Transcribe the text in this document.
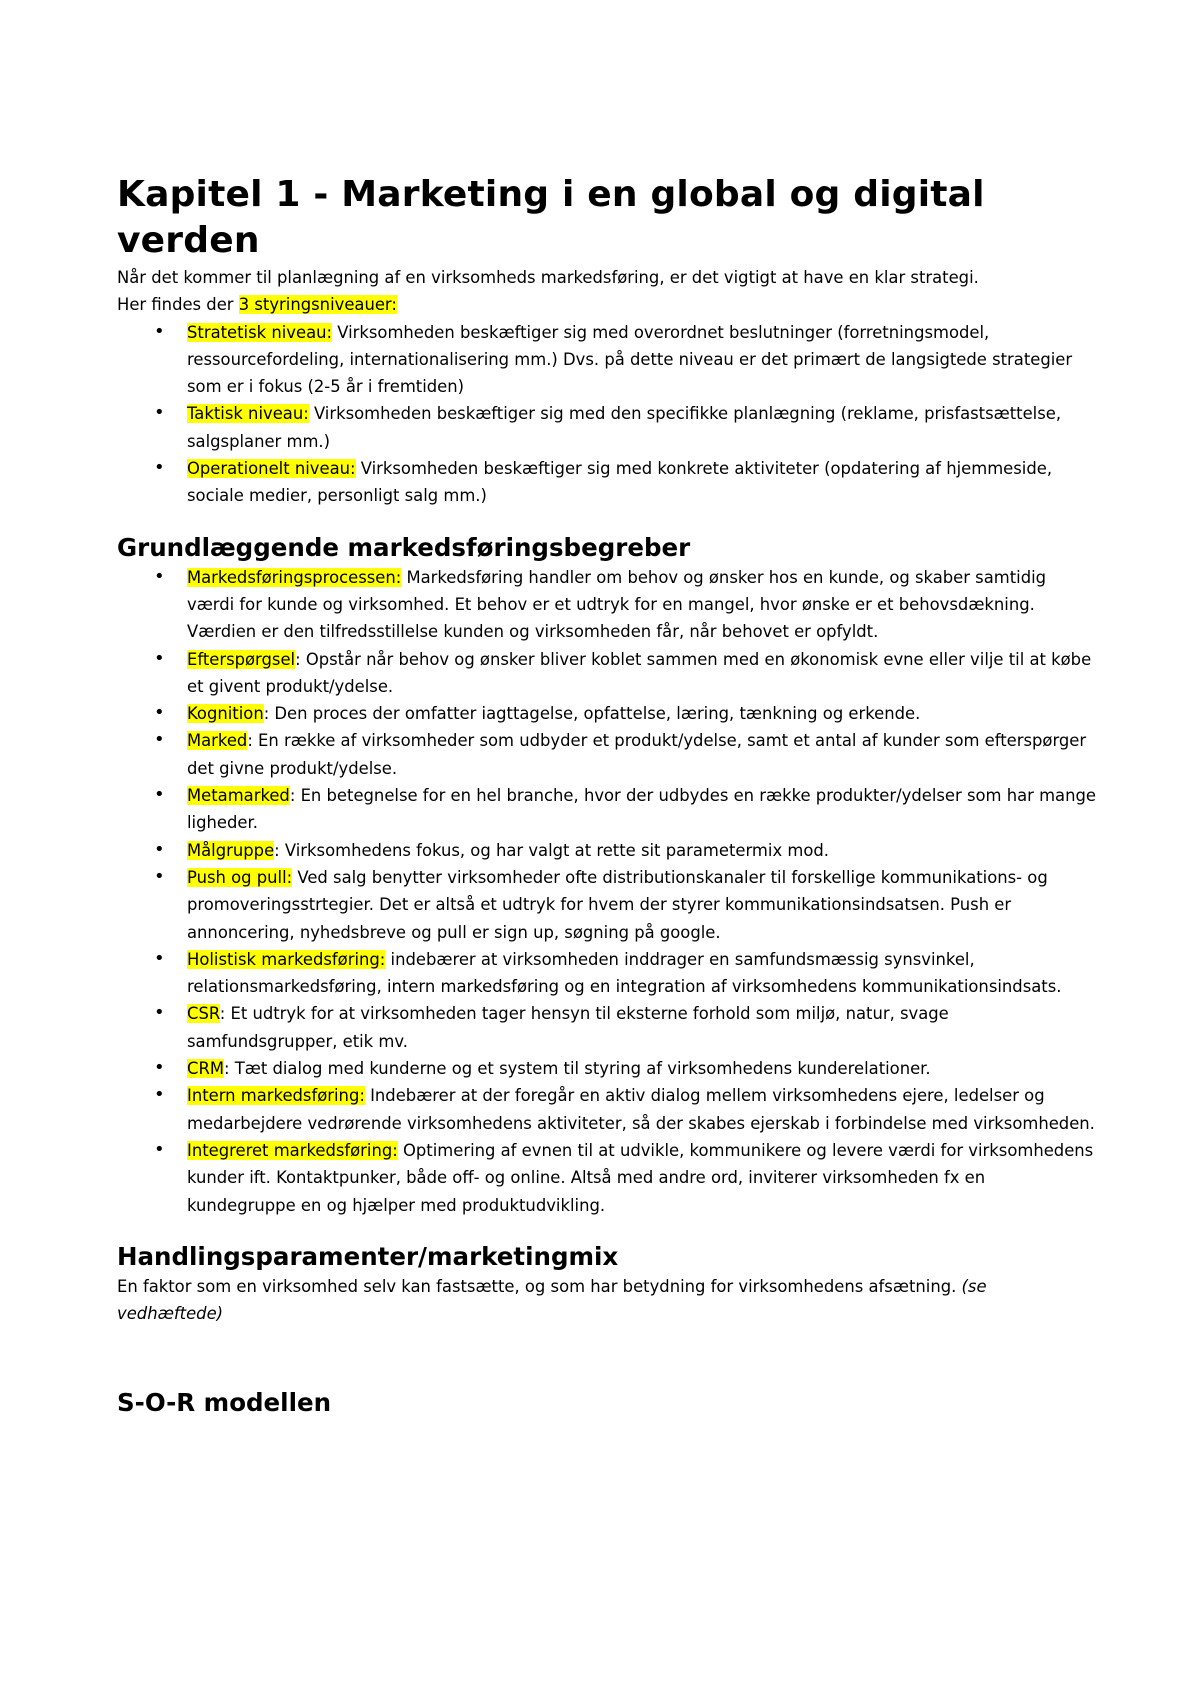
Kapitel 1 - Marketing i en global og digital verden

Når det kommer til planlægning af en virksomheds markedsføring, er det vigtigt at have en klar strategi.

Her findes der 3 styringsniveauer:

• Stratetisk niveau: Virksomheden beskæftiger sig med overordnet beslutninger (forretningsmodel, ressourcefordeling, internationalisering mm.) Dvs. på dette niveau er det primært de langsigtede strategier som er i fokus (2-5 år i fremtiden)
• Taktisk niveau: Virksomheden beskæftiger sig med den specifikke planlægning (reklame, prisfastsættelse, salgsplaner mm.)
• Operationelt niveau: Virksomheden beskæftiger sig med konkrete aktiviteter (opdatering af hjemmeside, sociale medier, personligt salg mm.)
Grundlæggende markedsføringsbegreber
• Markedsføringsprocessen: Markedsføring handler om behov og ønsker hos en kunde, og skaber samtidig værdi for kunde og virksomhed. Et behov er et udtryk for en mangel, hvor ønske er et behovsdækning. Værdien er den tilfredsstillelse kunden og virksomheden får, når behovet er opfyldt.
• Efterspørgsel: Opstår når behov og ønsker bliver koblet sammen med en økonomisk evne eller vilje til at købe et givent produkt/ydelse.
• Kognition: Den proces der omfatter iagttagelse, opfattelse, læring, tænkning og erkende.
• Marked: En række af virksomheder som udbyder et produkt/ydelse, samt et antal af kunder som efterspørger det givne produkt/ydelse.
• Metamarked: En betegnelse for en hel branche, hvor der udbydes en række produkter/ydelser som har mange ligheder.
• Målgruppe: Virksomhedens fokus, og har valgt at rette sit parametermix mod.
• Push og pull: Ved salg benytter virksomheder ofte distributionskanaler til forskellige kommunikations- og promoveringsstrtegier. Det er altså et udtryk for hvem der styrer kommunikationsindsatsen. Push er annoncering, nyhedsbreve og pull er sign up, søgning på google.
• Holistisk markedsføring: indebærer at virksomheden inddrager en samfundsmæssig synsvinkel, relationsmarkedsføring, intern markedsføring og en integration af virksomhedens kommunikationsindsats.
• CSR: Et udtryk for at virksomheden tager hensyn til eksterne forhold som miljø, natur, svage samfundsgrupper, etik mv.
• CRM: Tæt dialog med kunderne og et system til styring af virksomhedens kunderelationer.
• Intern markedsføring: Indebærer at der foregår en aktiv dialog mellem virksomhedens ejere, ledelser og medarbejdere vedrørende virksomhedens aktiviteter, så der skabes ejerskab i forbindelse med virksomheden.
• Integreret markedsføring: Optimering af evnen til at udvikle, kommunikere og levere værdi for virksomhedens kunder ift. Kontaktpunker, både off- og online. Altså med andre ord, inviterer virksomheden fx en kundegruppe en og hjælper med produktudvikling.
Handlingsparamenter/marketingmix

En faktor som en virksomhed selv kan fastsætte, og som har betydning for virksomhedens afsætning. (se vedhæftede)

S-O-R modellen
